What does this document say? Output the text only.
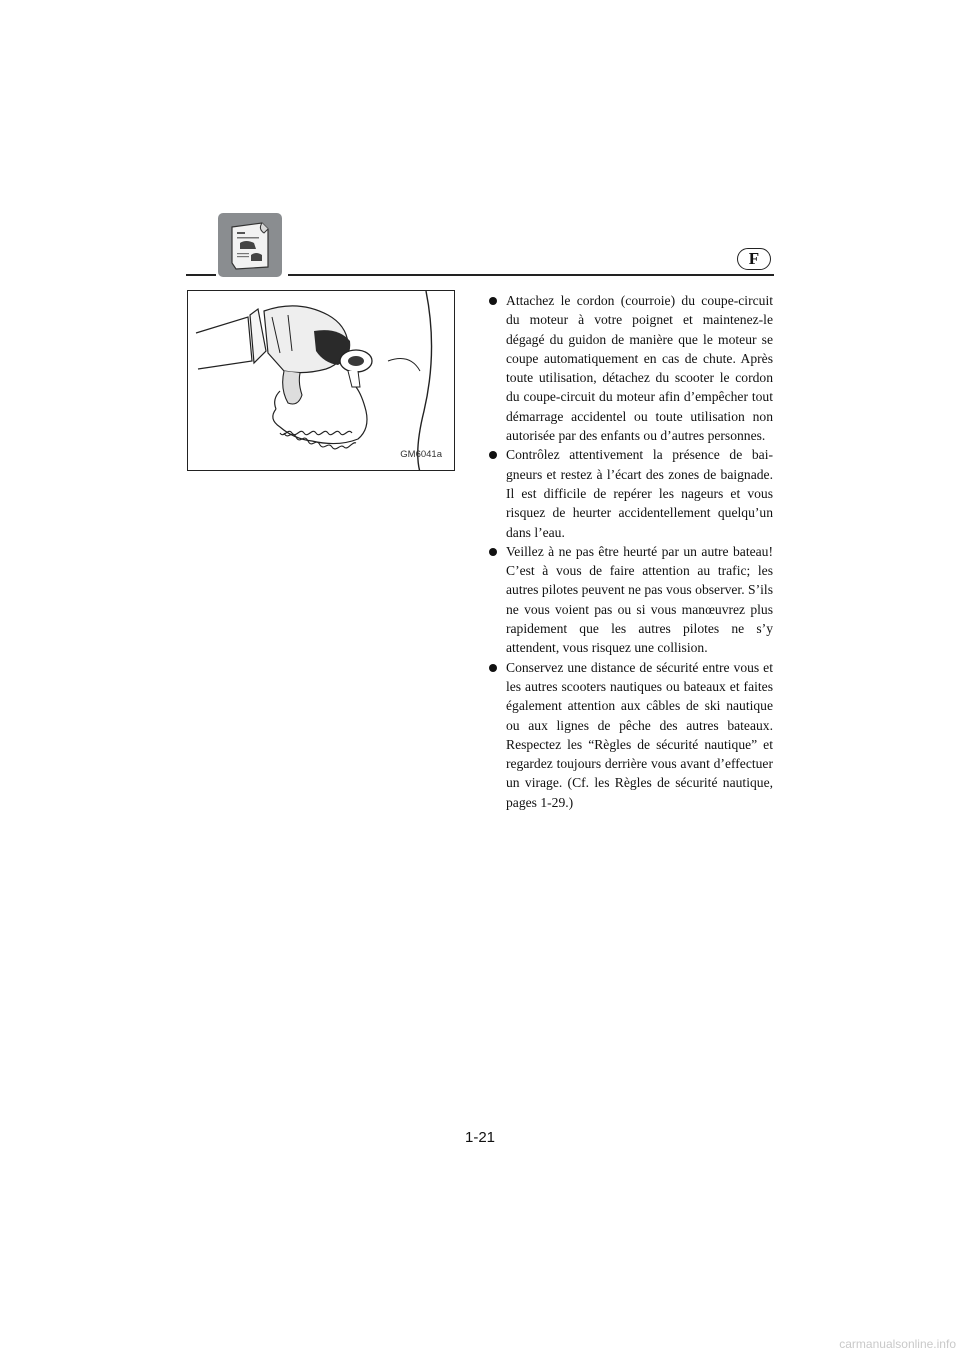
F
GM6041a
Attachez le cordon (courroie) du coupe-circuit du moteur à votre poignet et maintenez-le dégagé du guidon de manière que le moteur se coupe automatiquement en cas de chute. Après toute utilisation, détachez du scooter le cordon du coupe-circuit du moteur afin d’empêcher tout démarrage accidentel ou toute utilisation non autorisée par des enfants ou d’autres personnes.
Contrôlez attentivement la présence de baigneurs et restez à l’écart des zones de baignade. Il est difficile de repérer les nageurs et vous risquez de heurter accidentellement quelqu’un dans l’eau.
Veillez à ne pas être heurté par un autre bateau! C’est à vous de faire attention au trafic; les autres pilotes peuvent ne pas vous observer. S’ils ne vous voient pas ou si vous manœuvrez plus rapidement que les autres pilotes ne s’y attendent, vous risquez une collision.
Conservez une distance de sécurité entre vous et les autres scooters nautiques ou bateaux et faites également attention aux câbles de ski nautique ou aux lignes de pêche des autres bateaux. Respectez les “Règles de sécurité nautique” et regardez toujours derrière vous avant d’effectuer un virage. (Cf. les Règles de sécurité nautique, pages 1-29.)
1-21
carmanualsonline.info
